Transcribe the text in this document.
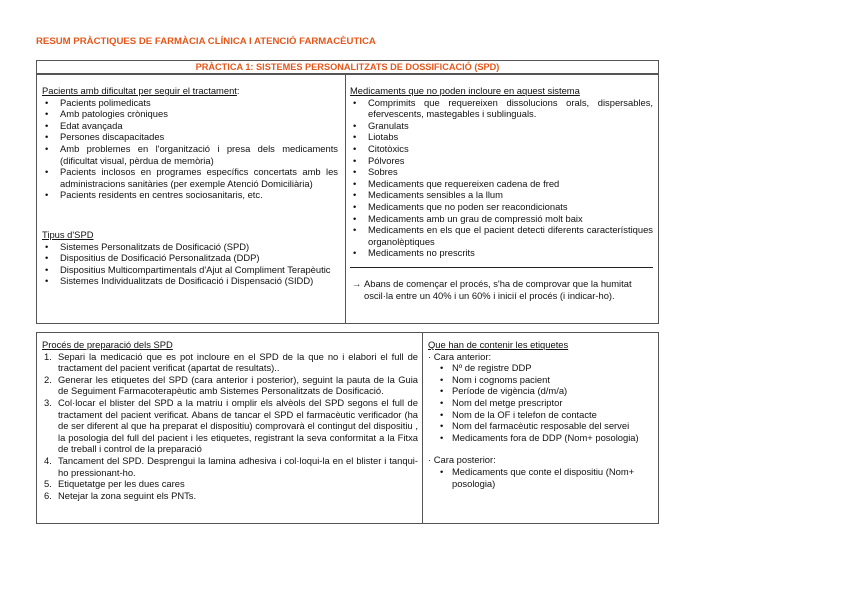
RESUM PRÀCTIQUES DE FARMÀCIA CLÍNICA I ATENCIÓ FARMACÈUTICA
PRÀCTICA 1: SISTEMES PERSONALITZATS DE DOSSIFICACIÓ (SPD)
Pacients amb dificultat per seguir el tractament:
• Pacients polimedicats
• Amb patologies cròniques
• Edat avançada
• Persones discapacitades
• Amb problemes en l'organització i presa dels medicaments (dificultat visual, pèrdua de memòria)
• Pacients inclosos en programes específics concertats amb les administracions sanitàries (per exemple Atenció Domiciliària)
• Pacients residents en centres sociosanitaris, etc.
Tipus d'SPD
• Sistemes Personalitzats de Dosificació (SPD)
• Dispositius de Dosificació Personalitzada (DDP)
• Dispositius Multicompartimentals d'Ajut al Compliment Terapèutic
• Sistemes Individualitzats de Dosificació i Dispensació (SIDD)
Medicaments que no poden incloure en aquest sistema
• Comprimits que requereixen dissolucions orals, dispersables, efervescents, mastegables i sublinguals.
• Granulats
• Liotabs
• Citotòxics
• Pólvores
• Sobres
• Medicaments que requereixen cadena de fred
• Medicaments sensibles a la llum
• Medicaments que no poden ser reacondicionats
• Medicaments amb un grau de compressió molt baix
• Medicaments en els que el pacient detecti diferents característiques organolèptiques
• Medicaments no prescrits
→ Abans de començar el procés, s'ha de comprovar que la humitat oscil·la entre un 40% i un 60% i inicií el procés (i indicar-ho).
Procés de preparació dels SPD
1. Separi la medicació que es pot incloure en el SPD de la que no i elabori el full de tractament del pacient verificat (apartat de resultats)..
2. Generar les etiquetes del SPD (cara anterior i posterior), seguint la pauta de la Guia de Seguiment Farmacoterapèutic amb Sistemes Personalitzats de Dosificació.
3. Col·locar el blister del SPD a la matriu i omplir els alvèols del SPD segons el full de tractament del pacient verificat. Abans de tancar el SPD el farmacèutic verificador (ha de ser diferent al que ha preparat el dispositiu) comprovarà el contingut del dispositiu , la posologia del full del pacient i les etiquetes, registrant la seva conformitat a la Fitxa de treball i control de la preparació
4. Tancament del SPD. Desprengui la lamina adhesiva i col·loqui-la en el blister i tanqui-ho pressionant-ho.
5. Etiquetatge per les dues cares
6. Netejar la zona seguint els PNTs.
Que han de contenir les etiquetes
· Cara anterior:
• Nº de registre DDP
• Nom i cognoms pacient
• Període de vigència (d/m/a)
• Nom del metge prescriptor
• Nom de la OF i telefon de contacte
• Nom del farmacèutic resposable del servei
• Medicaments fora de DDP (Nom+ posologia)
· Cara posterior:
• Medicaments que conte el dispositiu (Nom+ posologia)
